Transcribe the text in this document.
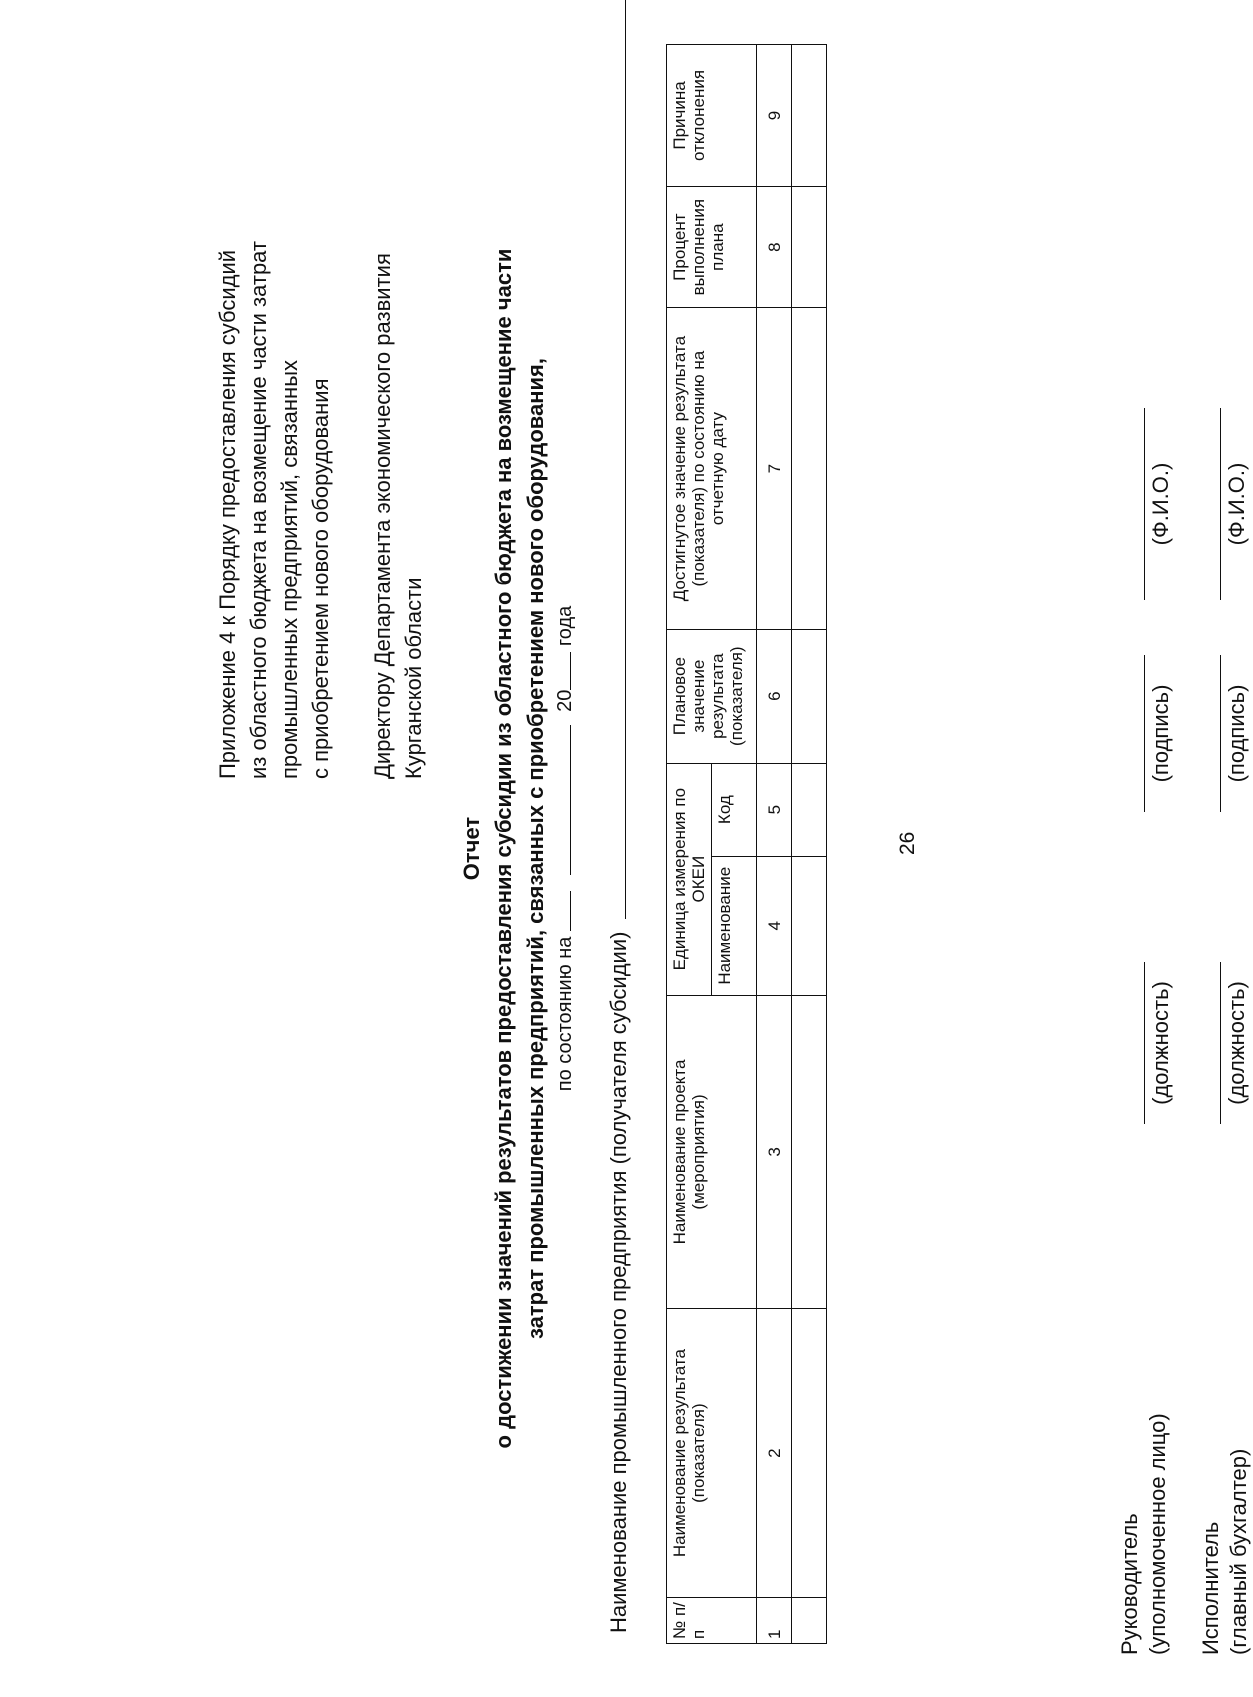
26
Приложение 4 к Порядку предоставления субсидий из областного бюджета на возмещение части затрат промышленных предприятий, связанных с приобретением нового оборудования Директору Департамента экономического развития Курганской области
Отчет о достижении значений результатов предоставления субсидии из областного бюджета на возмещение части затрат промышленных предприятий, связанных с приобретением нового оборудования, по состоянию на   20 года
Наименование промышленного предприятия (получателя субсидии) № п/п	Наименование результата (показателя)	Наименование проекта (мероприятия)	Единица измерения по ОКЕИ		Плановое значение результата (показателя)	Достигнутое значение результата (показателя) по состоянию на отчетную дату	Процент выполнения плана	Причина отклонения
			Наименование	Код				
1	2	3	4	5	6	7	8	9

Руководитель (уполномоченное лицо)
(должность)
(подпись)
(Ф.И.О.)
Исполнитель (главный бухгалтер)
(должность)
(подпись)
(Ф.И.О.)
